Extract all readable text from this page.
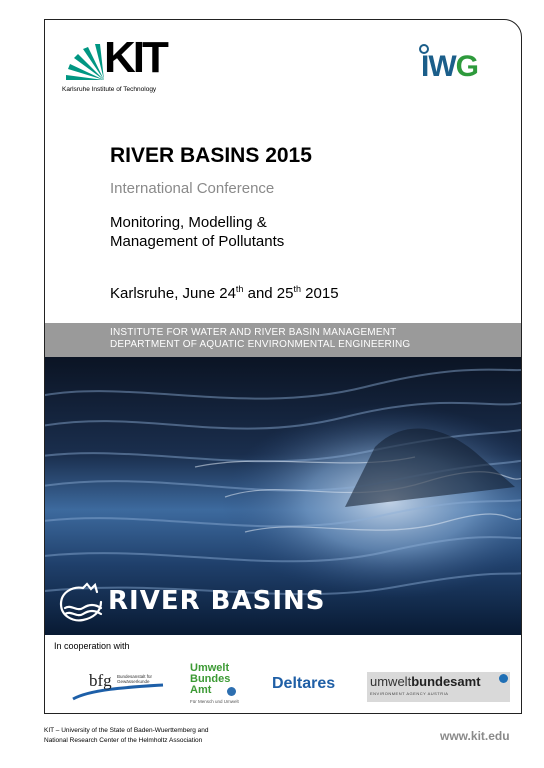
KIT
Karlsruhe Institute of Technology
IWG
RIVER BASINS 2015
International Conference
Monitoring, Modelling &
Management of Pollutants
Karlsruhe, June 24th and 25th 2015
INSTITUTE FOR WATER AND RIVER BASIN MANAGEMENT
DEPARTMENT OF AQUATIC ENVIRONMENTAL ENGINEERING
RIVER BASINS
In cooperation with
bfg Bundesanstalt für Gewässerkunde
Umwelt
Bundes
Amt
Für Mensch und Umwelt
Deltares	umweltbundesamt
ENVIRONMENT AGENCY AUSTRIA
KIT – University of the State of Baden-Wuerttemberg and
National Research Center of the Helmholtz Association	www.kit.edu
